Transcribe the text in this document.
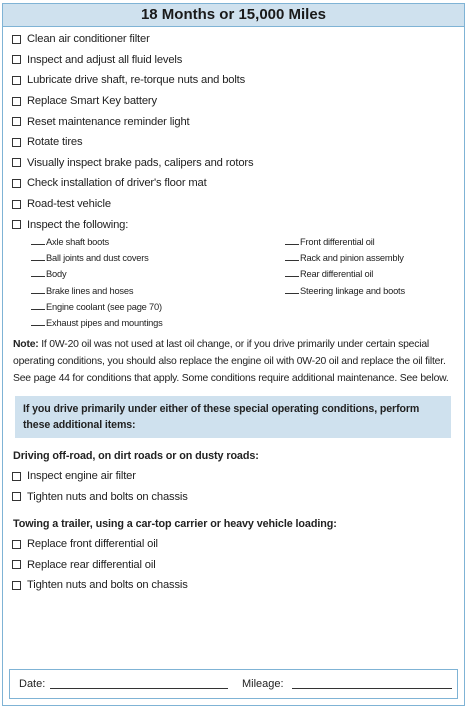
18 Months or 15,000 Miles
Clean air conditioner filter
Inspect and adjust all fluid levels
Lubricate drive shaft, re-torque nuts and bolts
Replace Smart Key battery
Reset maintenance reminder light
Rotate tires
Visually inspect brake pads, calipers and rotors
Check installation of driver's floor mat
Road-test vehicle
Inspect the following:
Axle shaft boots
Ball joints and dust covers
Body
Brake lines and hoses
Engine coolant (see page 70)
Exhaust pipes and mountings
Front differential oil
Rack and pinion assembly
Rear differential oil
Steering linkage and boots
Note: If 0W-20 oil was not used at last oil change, or if you drive primarily under certain special operating conditions, you should also replace the engine oil with 0W-20 oil and replace the oil filter. See page 44 for conditions that apply. Some conditions require additional maintenance. See below.
If you drive primarily under either of these special operating conditions, perform these additional items:
Driving off-road, on dirt roads or on dusty roads:
Inspect engine air filter
Tighten nuts and bolts on chassis
Towing a trailer, using a car-top carrier or heavy vehicle loading:
Replace front differential oil
Replace rear differential oil
Tighten nuts and bolts on chassis
Date:	Mileage:
